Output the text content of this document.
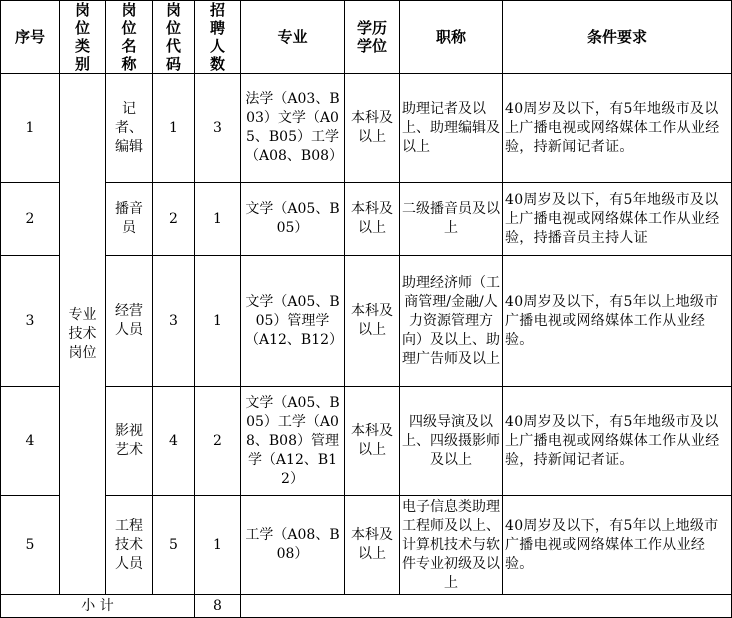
序号	岗位类别	岗位名称	岗位代码	招聘人数	专业	学历学位	职称	条件要求
1	专业技术岗位	记者、编辑	1	3	法学（A03、B03）文学（A05、B05）工学（A08、B08）	本科及以上	助理记者及以上、助理编辑及以上	40周岁及以下，有5年地级市及以上广播电视或网络媒体工作从业经验，持新闻记者证。
2		播音员	2	1	文学（A05、B05）	本科及以上	二级播音员及以上	40周岁及以下，有5年地级市及以上广播电视或网络媒体工作从业经验，持播音员主持人证
3		经营人员	3	1	文学（A05、B05）管理学（A12、B12）	本科及以上	助理经济师（工商管理/金融/人力资源管理方向）及以上、助理广告师及以上	40周岁及以下，有5年以上地级市广播电视或网络媒体工作从业经验。
4		影视艺术	4	2	文学（A05、B05）工学（A08、B08）管理学（A12、B12）	本科及以上	四级导演及以上、四级摄影师及以上	40周岁及以下，有5年地级市及以上广播电视或网络媒体工作从业经验，持新闻记者证。
5		工程技术人员	5	1	工学（A08、B08）	本科及以上	电子信息类助理工程师及以上、计算机技术与软件专业初级及以上	40周岁及以下，有5年以上地级市广播电视或网络媒体工作从业经验。
小 计				8				
